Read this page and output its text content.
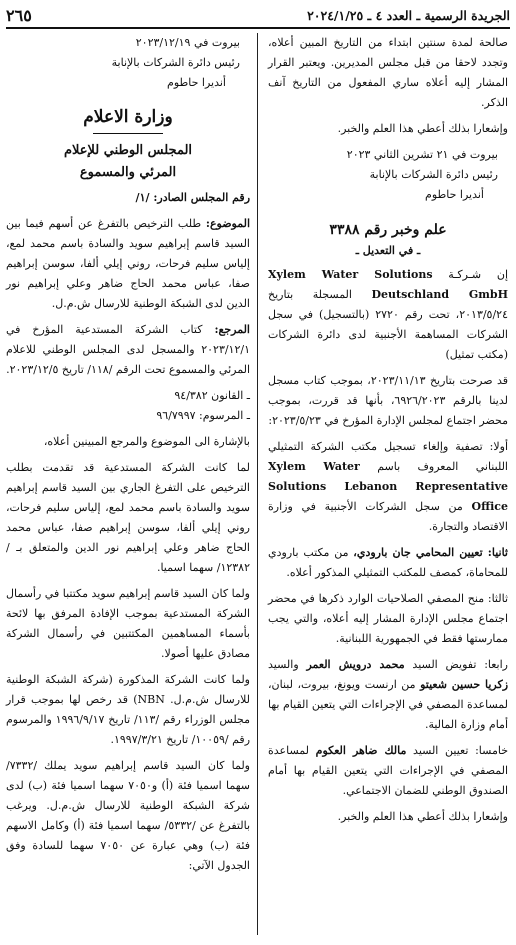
الجريدة الرسمية ـ العدد ٤ ـ ٢٠٢٤/١/٢٥
٢٦٥

صالحة لمدة سنتين ابتداء من التاريخ المبين أعلاه، وتجدد لاحقا من قبل مجلس المديرين. ويعتبر القرار المشار إليه أعلاه ساري المفعول من التاريخ آنف الذكر.

وإشعارا بذلك أعطي هذا العلم والخبر.

بيروت في ٢١ تشرين الثاني ٢٠٢٣
رئيس دائرة الشركات بالإنابة
أنديرا حاطوم
علم وخبر رقم ٣٣٨٨
ـ في التعديل ـ

إن شـركـة Xylem Water Solutions Deutschland GmbH المسجلة بتاريخ ٢٠١٣/٥/٢٤، تحت رقم ٢٧٢٠ (بالتسجيل) في سجل الشركات المساهمة الأجنبية لدى دائرة الشركات (مكتب تمثيل)

قد صرحت بتاريخ ٢٠٢٣/١١/١٣، بموجب كتاب مسجل لدينا بالرقم ٦٩٢٦/٢٠٢٣، بأنها قد قررت، بموجب محضر اجتماع لمجلس الإدارة المؤرخ في ٢٠٢٣/٥/٢٣:

أولا: تصفية وإلغاء تسجيل مكتب الشركة التمثيلي اللبناني المعروف باسم Xylem Water Solutions Lebanon Representative Office من سجل الشركات الأجنبية في وزارة الاقتصاد والتجارة.

ثانيا: تعيين المحامي جان بارودي، من مكتب بارودي للمحاماة، كمصف للمكتب التمثيلي المذكور أعلاه.

ثالثا: منح المصفي الصلاحيات الوارد ذكرها في محضر اجتماع مجلس الإدارة المشار إليه أعلاه، والتي يجب ممارستها فقط في الجمهورية اللبنانية.

رابعا: تفويض السيد محمد درويش العمر والسيد زكريا حسين شعيتو من ارنست ويونغ، بيروت، لبنان، لمساعدة المصفي في الإجراءات التي يتعين القيام بها أمام وزارة المالية.

خامسا: تعيين السيد مالك ضاهر العكوم لمساعدة المصفي في الإجراءات التي يتعين القيام بها أمام الصندوق الوطني للضمان الاجتماعي.

وإشعارا بذلك أعطي هذا العلم والخبر.

بيروت في ٢٠٢٣/١٢/١٩
رئيس دائرة الشركات بالإنابة
أنديرا حاطوم
وزارة الاعلام
المجلس الوطني للإعلام
المرئي والمسموع

رقم المجلس الصادر: /١/

الموضوع: طلب الترخيص بالتفرغ عن أسهم فيما بين السيد قاسم إبراهيم سويد والسادة باسم محمد لمع، إلياس سليم فرحات، روني إيلي ألفا، سوسن إبراهيم صفا، عباس محمد الحاج ضاهر وعلي إبراهيم نور الدين لدى الشبكة الوطنية للارسال ش.م.ل.

المرجع: كتاب الشركة المستدعية المؤرخ في ٢٠٢٣/١٢/١ والمسجل لدى المجلس الوطني للاعلام المرئي والمسموع تحت الرقم /١١٨/ تاريخ ٢٠٢٣/١٢/٥.

ـ القانون ٩٤/٣٨٢

ـ المرسوم: ٩٦/٧٩٩٧

بالإشارة الى الموضوع والمرجع المبينين أعلاه،

لما كانت الشركة المستدعية قد تقدمت بطلب الترخيص على التفرغ الجاري بين السيد قاسم إبراهيم سويد والسادة باسم محمد لمع، إلياس سليم فرحات، روني إيلي ألفا، سوسن إبراهيم صفا، عباس محمد الحاج ضاهر وعلي إبراهيم نور الدين والمتعلق بـ /١٢٣٨٢/ سهما اسميا.

ولما كان السيد قاسم إبراهيم سويد مكتتبا في رأسمال الشركة المستدعية بموجب الإفادة المرفق بها لائحة بأسماء المساهمين المكتتبين في رأسمال الشركة مصادق عليها أصولا.

ولما كانت الشركة المذكورة (شركة الشبكة الوطنية للارسال ش.م.ل. NBN) قد رخص لها بموجب قرار مجلس الوزراء رقم /١١٣/ تاريخ ١٩٩٦/٩/١٧ والمرسوم رقم /١٠٠٥٩/ تاريخ ١٩٩٧/٣/٢١.

ولما كان السيد قاسم إبراهيم سويد يملك /٧٣٣٢/ سهما اسميا فئة (أ) و٧٠٥٠ سهما اسميا فئة (ب) لدى شركة الشبكة الوطنية للارسال ش.م.ل. ويرغب بالتفرغ عن /٥٣٣٢/ سهما اسميا فئة (أ) وكامل الاسهم فئة (ب) وهي عبارة عن ٧٠٥٠ سهما للسادة وفق الجدول الآتي:
